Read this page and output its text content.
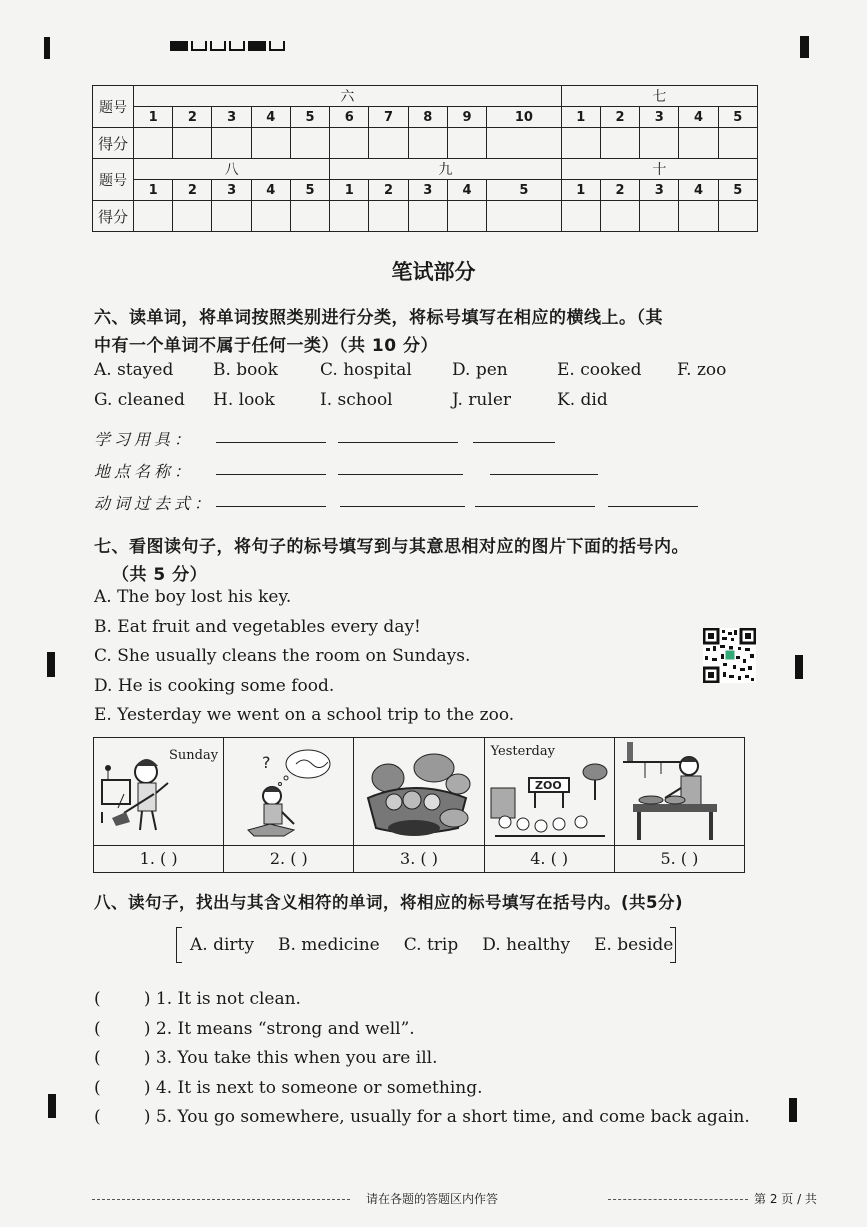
题号	六										七				
	1	2	3	4	5	6	7	8	9	10	1	2	3	4	5
得分															
题号	八					九					十				
	1	2	3	4	5	1	2	3	4	5	1	2	3	4	5
得分															
笔试部分
六、读单词，将单词按照类别进行分类，将标号填写在相应的横线上。（其
中有一个单词不属于任何一类）（共 10 分）
A. stayed B. book C. hospital D. pen	E. cooked F. zoo
G. cleaned H. look	I. school	J. ruler	K. did
学习用具：
地点名称：
动词过去式：
七、看图读句子，将句子的标号填写到与其意思相对应的图片下面的括号内。
（共 5 分）
A. The boy lost his key.
B. Eat fruit and vegetables every day!
C. She usually cleans the room on Sundays.
D. He is cooking some food.
E. Yesterday we went on a school trip to the zoo.
Sunday	?
Yesterday
ZOO
1. ( )	2. ( )	3. ( )	4. ( )	5. ( )
八、读句子，找出与其含义相符的单词，将相应的标号填写在括号内。(共5分)
A. dirty B. medicine C. trip D. healthy E. beside
(        ) 1. It is not clean.
(        ) 2. It means “strong and well”.
(        ) 3. You take this when you are ill.
(        ) 4. It is next to someone or something.
(        ) 5. You go somewhere, usually for a short time, and come back again.
请在各题的答题区内作答	第 2 页 / 共
